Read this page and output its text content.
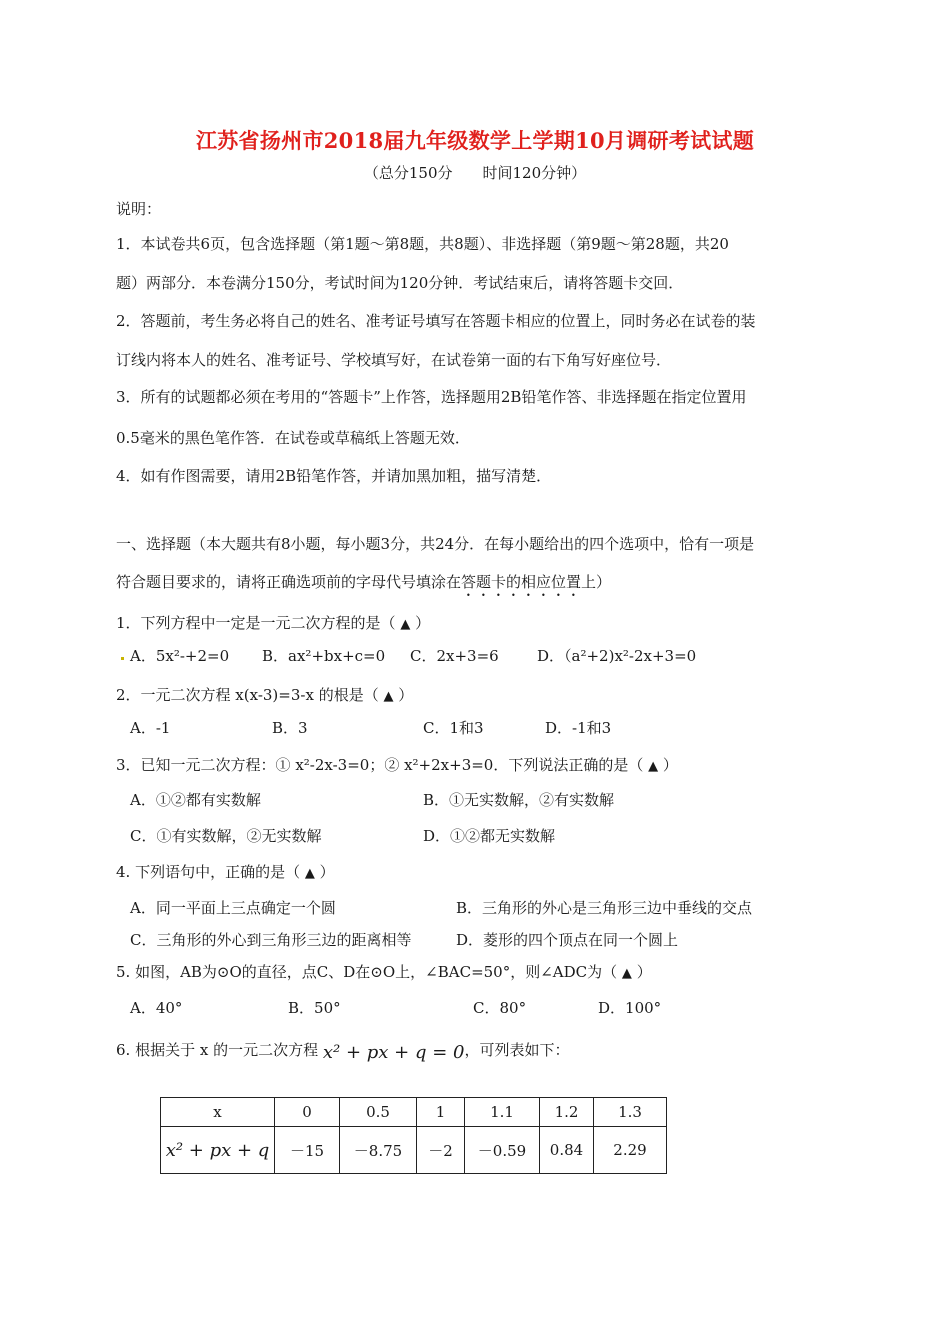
江苏省扬州市2018届九年级数学上学期10月调研考试试题
（总分150分　　时间120分钟）
说明：
1．本试卷共6页，包含选择题（第1题～第8题，共8题）、非选择题（第9题～第28题，共20
题）两部分．本卷满分150分，考试时间为120分钟．考试结束后，请将答题卡交回．
2．答题前，考生务必将自己的姓名、准考证号填写在答题卡相应的位置上，同时务必在试卷的装
订线内将本人的姓名、准考证号、学校填写好，在试卷第一面的右下角写好座位号．
3．所有的试题都必须在考用的“答题卡”上作答，选择题用2B铅笔作答、非选择题在指定位置用
0.5毫米的黑色笔作答．在试卷或草稿纸上答题无效．
4．如有作图需要，请用2B铅笔作答，并请加黑加粗，描写清楚．
一、选择题（本大题共有8小题，每小题3分，共24分．在每小题给出的四个选项中，恰有一项是
符合题目要求的，请将正确选项前的字母代号填涂在答题卡的相应位置上）
1．下列方程中一定是一元二次方程的是（ ▲ ）
A．5x²-+2=0 B．ax²+bx+c=0 C．2x+3=6	D．（a²+2)x²-2x+3=0
2．一元二次方程 x(x-3)=3-x 的根是（ ▲ ）
A．-1	B．3	C．1和3	D．-1和3
3．已知一元二次方程：① x²-2x-3=0；② x²+2x+3=0．下列说法正确的是（ ▲ ）
A．①②都有实数解	B．①无实数解，②有实数解
C．①有实数解，②无实数解	D．①②都无实数解
4. 下列语句中，正确的是（ ▲ ）
A．同一平面上三点确定一个圆	B．三角形的外心是三角形三边中垂线的交点
C．三角形的外心到三角形三边的距离相等	D．菱形的四个顶点在同一个圆上
5. 如图，AB为⊙O的直径，点C、D在⊙O上，∠BAC=50°，则∠ADC为（ ▲ ）
A．40°	B．50°	C．80°	D．100°
6. 根据关于 x 的一元二次方程 x² + px + q = 0，可列表如下：
x	0	0.5	1	1.1	1.2	1.3
x² + px + q	－15	－8.75	－2	－0.59	0.84	2.29
